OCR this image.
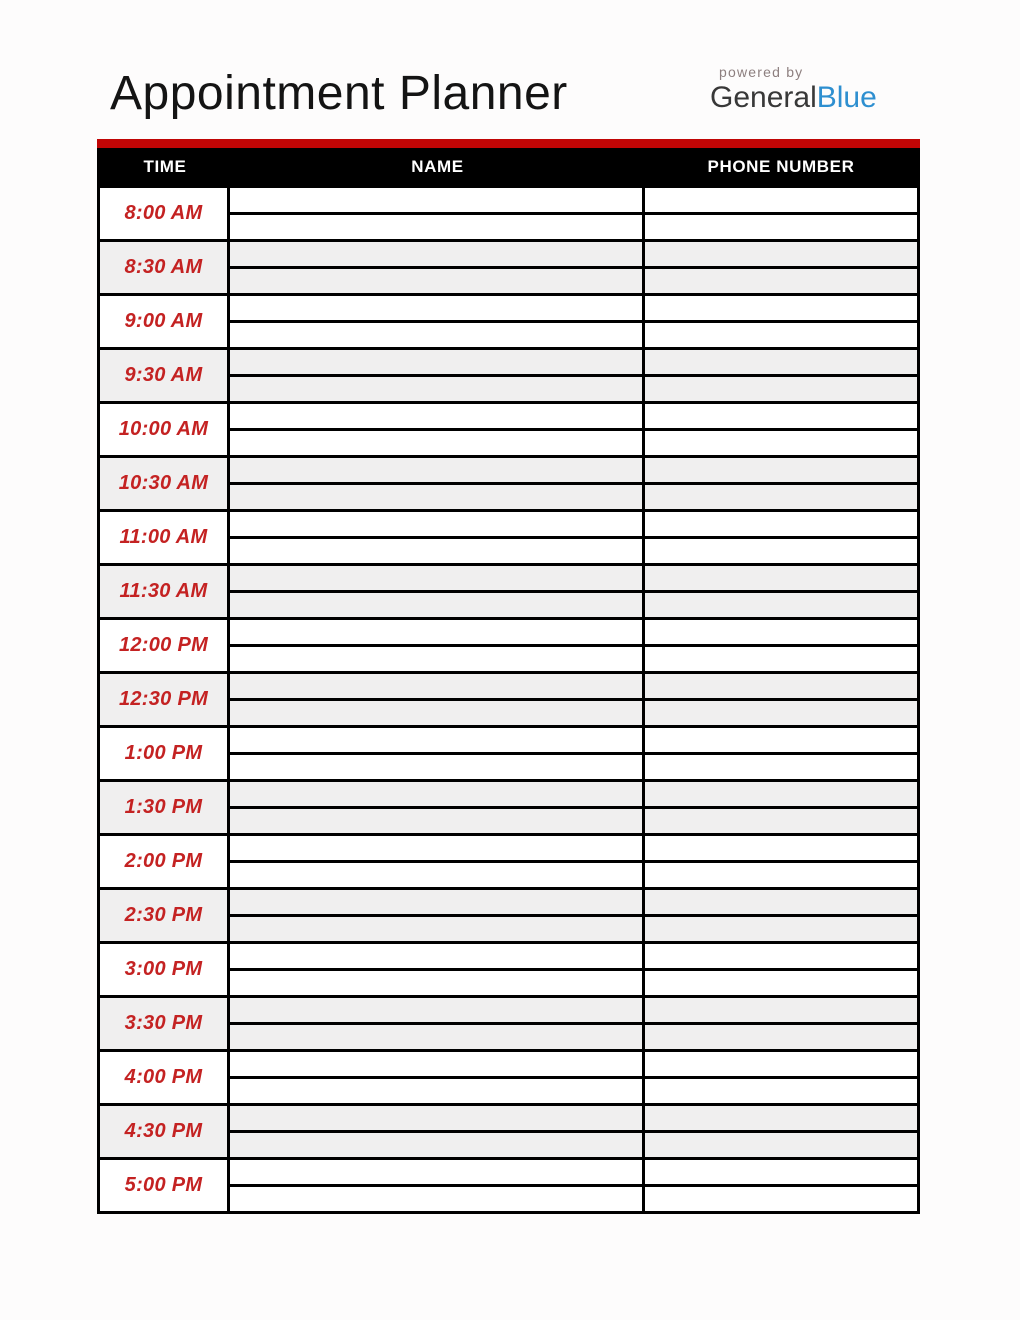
Appointment Planner	powered by
GeneralBlue
TIME	NAME	PHONE NUMBER
8:00 AM
8:30 AM
9:00 AM
9:30 AM
10:00 AM
10:30 AM
11:00 AM
11:30 AM
12:00 PM
12:30 PM
1:00 PM
1:30 PM
2:00 PM
2:30 PM
3:00 PM
3:30 PM
4:00 PM
4:30 PM
5:00 PM
